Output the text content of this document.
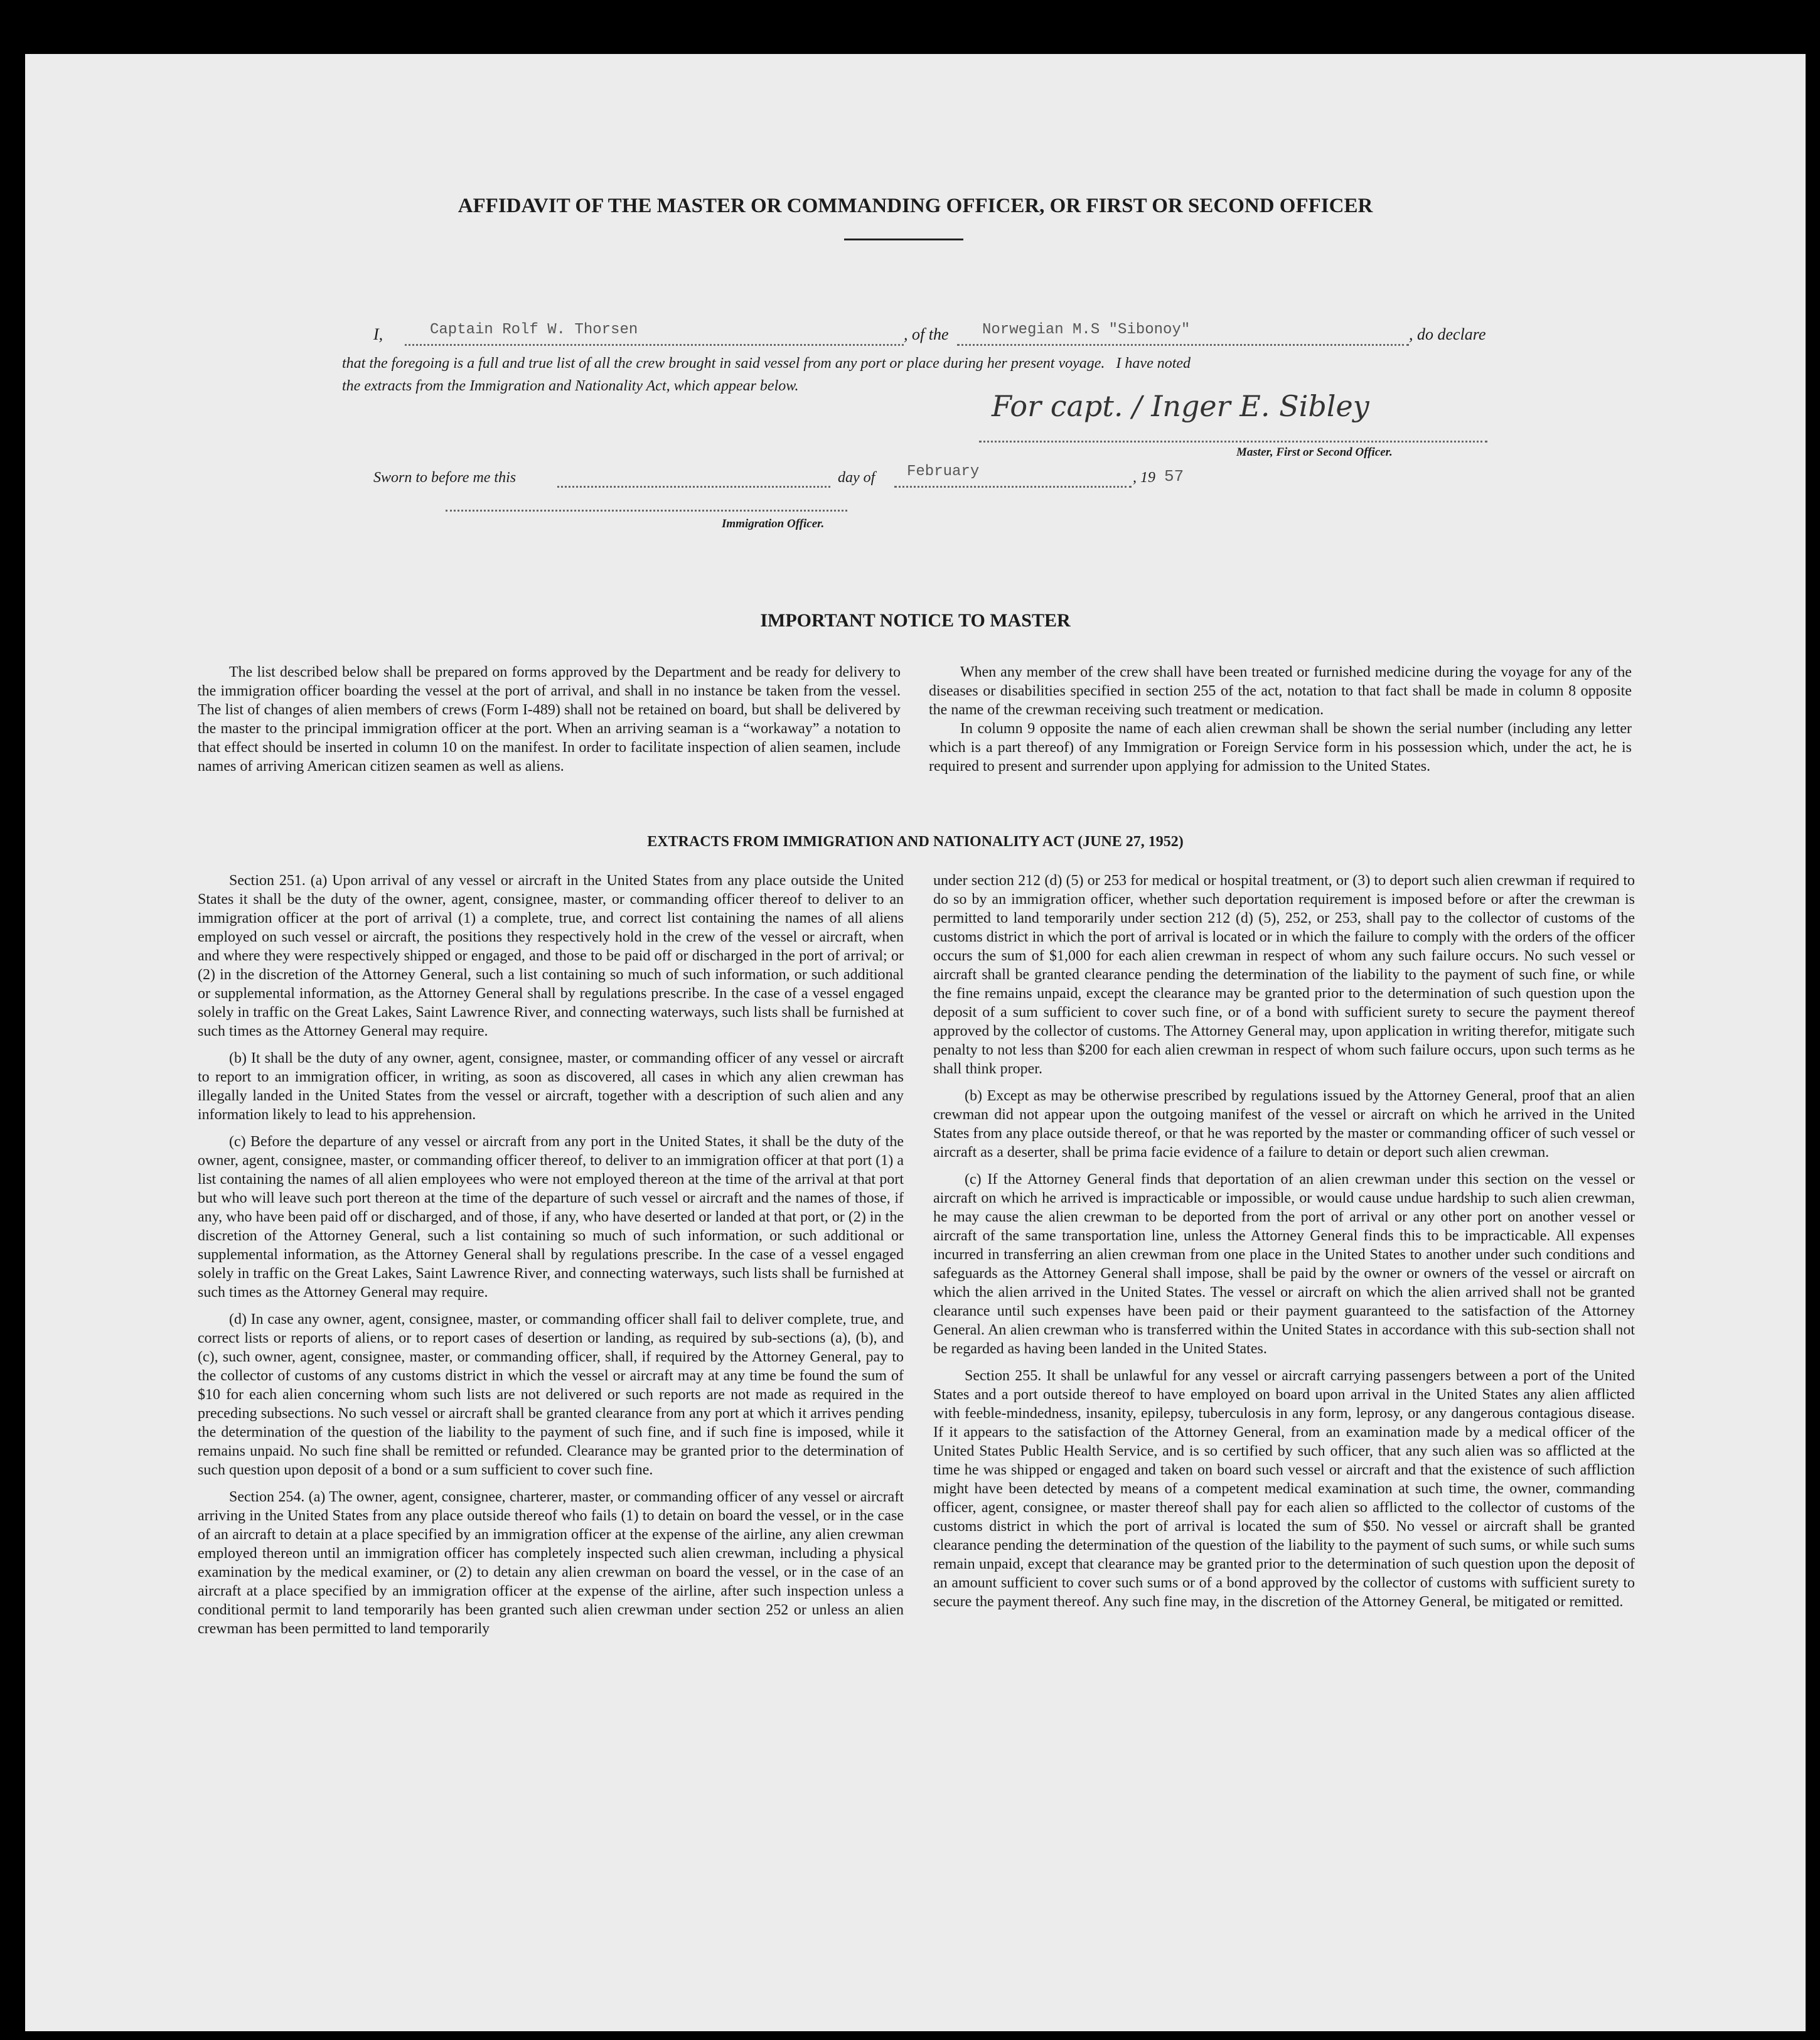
AFFIDAVIT OF THE MASTER OR COMMANDING OFFICER, OR FIRST OR SECOND OFFICER
I,	Captain Rolf W. Thorsen	, of the	Norwegian M.S "Sibonoy"	, do declare
that the foregoing is a full and true list of all the crew brought in said vessel from any port or place during her present voyage.   I have noted
the extracts from the Immigration and Nationality Act, which appear below.
For capt. / Inger E. Sibley
Master, First or Second Officer.
Sworn to before me this	day of	February	, 19 57
Immigration Officer.
IMPORTANT NOTICE TO MASTER

The list described below shall be prepared on forms approved by the Department and be ready for delivery to the immigration officer boarding the vessel at the port of arrival, and shall in no instance be taken from the vessel. The list of changes of alien members of crews (Form I-489) shall not be retained on board, but shall be delivered by the master to the principal immigration officer at the port. When an arriving seaman is a “workaway” a notation to that effect should be inserted in column 10 on the manifest. In order to facilitate inspection of alien seamen, include names of arriving American citizen seamen as well as aliens.

When any member of the crew shall have been treated or furnished medicine during the voyage for any of the diseases or disabilities specified in section 255 of the act, notation to that fact shall be made in column 8 opposite the name of the crewman receiving such treatment or medication.

In column 9 opposite the name of each alien crewman shall be shown the serial number (including any letter which is a part thereof) of any Immigration or Foreign Service form in his possession which, under the act, he is required to present and surrender upon applying for admission to the United States.

EXTRACTS FROM IMMIGRATION AND NATIONALITY ACT (JUNE 27, 1952)

Section 251. (a) Upon arrival of any vessel or aircraft in the United States from any place outside the United States it shall be the duty of the owner, agent, consignee, master, or commanding officer thereof to deliver to an immigration officer at the port of arrival (1) a complete, true, and correct list containing the names of all aliens employed on such vessel or aircraft, the positions they respectively hold in the crew of the vessel or aircraft, when and where they were respectively shipped or engaged, and those to be paid off or discharged in the port of arrival; or (2) in the discretion of the Attorney General, such a list containing so much of such information, or such additional or supplemental information, as the Attorney General shall by regulations prescribe. In the case of a vessel engaged solely in traffic on the Great Lakes, Saint Lawrence River, and connecting waterways, such lists shall be furnished at such times as the Attorney General may require.

(b) It shall be the duty of any owner, agent, consignee, master, or commanding officer of any vessel or aircraft to report to an immigration officer, in writing, as soon as discovered, all cases in which any alien crewman has illegally landed in the United States from the vessel or aircraft, together with a description of such alien and any information likely to lead to his apprehension.

(c) Before the departure of any vessel or aircraft from any port in the United States, it shall be the duty of the owner, agent, consignee, master, or commanding officer thereof, to deliver to an immigration officer at that port (1) a list containing the names of all alien employees who were not employed thereon at the time of the arrival at that port but who will leave such port thereon at the time of the departure of such vessel or aircraft and the names of those, if any, who have been paid off or discharged, and of those, if any, who have deserted or landed at that port, or (2) in the discretion of the Attorney General, such a list containing so much of such information, or such additional or supplemental information, as the Attorney General shall by regulations prescribe. In the case of a vessel engaged solely in traffic on the Great Lakes, Saint Lawrence River, and connecting waterways, such lists shall be furnished at such times as the Attorney General may require.

(d) In case any owner, agent, consignee, master, or commanding officer shall fail to deliver complete, true, and correct lists or reports of aliens, or to report cases of desertion or landing, as required by sub-sections (a), (b), and (c), such owner, agent, consignee, master, or commanding officer, shall, if required by the Attorney General, pay to the collector of customs of any customs district in which the vessel or aircraft may at any time be found the sum of $10 for each alien concerning whom such lists are not delivered or such reports are not made as required in the preceding subsections. No such vessel or aircraft shall be granted clearance from any port at which it arrives pending the determination of the question of the liability to the payment of such fine, and if such fine is imposed, while it remains unpaid. No such fine shall be remitted or refunded. Clearance may be granted prior to the determination of such question upon deposit of a bond or a sum sufficient to cover such fine.

Section 254. (a) The owner, agent, consignee, charterer, master, or commanding officer of any vessel or aircraft arriving in the United States from any place outside thereof who fails (1) to detain on board the vessel, or in the case of an aircraft to detain at a place specified by an immigration officer at the expense of the airline, any alien crewman employed thereon until an immigration officer has completely inspected such alien crewman, including a physical examination by the medical examiner, or (2) to detain any alien crewman on board the vessel, or in the case of an aircraft at a place specified by an immigration officer at the expense of the airline, after such inspection unless a conditional permit to land temporarily has been granted such alien crewman under section 252 or unless an alien crewman has been permitted to land temporarily

under section 212 (d) (5) or 253 for medical or hospital treatment, or (3) to deport such alien crewman if required to do so by an immigration officer, whether such deportation requirement is imposed before or after the crewman is permitted to land temporarily under section 212 (d) (5), 252, or 253, shall pay to the collector of customs of the customs district in which the port of arrival is located or in which the failure to comply with the orders of the officer occurs the sum of $1,000 for each alien crewman in respect of whom any such failure occurs. No such vessel or aircraft shall be granted clearance pending the determination of the liability to the payment of such fine, or while the fine remains unpaid, except the clearance may be granted prior to the determination of such question upon the deposit of a sum sufficient to cover such fine, or of a bond with sufficient surety to secure the payment thereof approved by the collector of customs. The Attorney General may, upon application in writing therefor, mitigate such penalty to not less than $200 for each alien crewman in respect of whom such failure occurs, upon such terms as he shall think proper.

(b) Except as may be otherwise prescribed by regulations issued by the Attorney General, proof that an alien crewman did not appear upon the outgoing manifest of the vessel or aircraft on which he arrived in the United States from any place outside thereof, or that he was reported by the master or commanding officer of such vessel or aircraft as a deserter, shall be prima facie evidence of a failure to detain or deport such alien crewman.

(c) If the Attorney General finds that deportation of an alien crewman under this section on the vessel or aircraft on which he arrived is impracticable or impossible, or would cause undue hardship to such alien crewman, he may cause the alien crewman to be deported from the port of arrival or any other port on another vessel or aircraft of the same transportation line, unless the Attorney General finds this to be impracticable. All expenses incurred in transferring an alien crewman from one place in the United States to another under such conditions and safeguards as the Attorney General shall impose, shall be paid by the owner or owners of the vessel or aircraft on which the alien arrived in the United States. The vessel or aircraft on which the alien arrived shall not be granted clearance until such expenses have been paid or their payment guaranteed to the satisfaction of the Attorney General. An alien crewman who is transferred within the United States in accordance with this sub-section shall not be regarded as having been landed in the United States.

Section 255. It shall be unlawful for any vessel or aircraft carrying passengers between a port of the United States and a port outside thereof to have employed on board upon arrival in the United States any alien afflicted with feeble-mindedness, insanity, epilepsy, tuberculosis in any form, leprosy, or any dangerous contagious disease. If it appears to the satisfaction of the Attorney General, from an examination made by a medical officer of the United States Public Health Service, and is so certified by such officer, that any such alien was so afflicted at the time he was shipped or engaged and taken on board such vessel or aircraft and that the existence of such affliction might have been detected by means of a competent medical examination at such time, the owner, commanding officer, agent, consignee, or master thereof shall pay for each alien so afflicted to the collector of customs of the customs district in which the port of arrival is located the sum of $50. No vessel or aircraft shall be granted clearance pending the determination of the question of the liability to the payment of such sums, or while such sums remain unpaid, except that clearance may be granted prior to the determination of such question upon the deposit of an amount sufficient to cover such sums or of a bond approved by the collector of customs with sufficient surety to secure the payment thereof. Any such fine may, in the discretion of the Attorney General, be mitigated or remitted.
